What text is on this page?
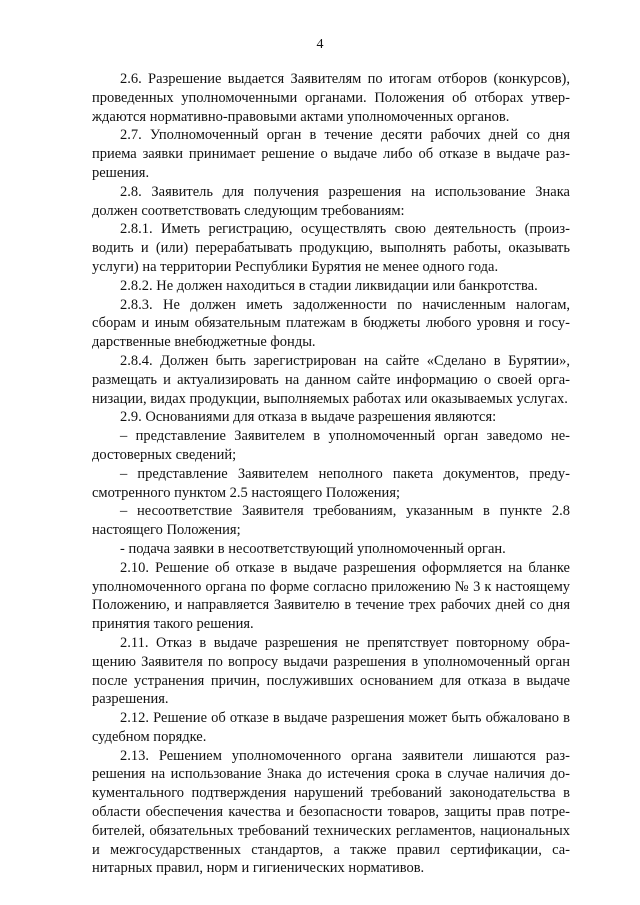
4

2.6. Разрешение выдается Заявителям по итогам отборов (конкурсов), проведенных уполномоченными органами. Положения об отборах утверждаются нормативно-правовыми актами уполномоченных органов.

2.7. Уполномоченный орган в течение десяти рабочих дней со дня приема заявки принимает решение о выдаче либо об отказе в выдаче разрешения.

2.8. Заявитель для получения разрешения на использование Знака должен соответствовать следующим требованиям:

2.8.1. Иметь регистрацию, осуществлять свою деятельность (производить и (или) перерабатывать продукцию, выполнять работы, оказывать услуги) на территории Республики Бурятия не менее одного года.

2.8.2. Не должен находиться в стадии ликвидации или банкротства.

2.8.3. Не должен иметь задолженности по начисленным налогам, сборам и иным обязательным платежам в бюджеты любого уровня и государственные внебюджетные фонды.

2.8.4. Должен быть зарегистрирован на сайте «Сделано в Бурятии», размещать и актуализировать на данном сайте информацию о своей организации, видах продукции, выполняемых работах или оказываемых услугах.

2.9. Основаниями для отказа в выдаче разрешения являются:

– представление Заявителем в уполномоченный орган заведомо недостоверных сведений;

– представление Заявителем неполного пакета документов, предусмотренного пунктом 2.5 настоящего Положения;

– несоответствие Заявителя требованиям, указанным в пункте 2.8 настоящего Положения;

- подача заявки в несоответствующий уполномоченный орган.

2.10. Решение об отказе в выдаче разрешения оформляется на бланке уполномоченного органа по форме согласно приложению № 3 к настоящему Положению, и направляется Заявителю в течение трех рабочих дней со дня принятия такого решения.

2.11. Отказ в выдаче разрешения не препятствует повторному обращению Заявителя по вопросу выдачи разрешения в уполномоченный орган после устранения причин, послуживших основанием для отказа в выдаче разрешения.

2.12. Решение об отказе в выдаче разрешения может быть обжаловано в судебном порядке.

2.13. Решением уполномоченного органа заявители лишаются разрешения на использование Знака до истечения срока в случае наличия документального подтверждения нарушений требований законодательства в области обеспечения качества и безопасности товаров, защиты прав потребителей, обязательных требований технических регламентов, национальных и межгосударственных стандартов, а также правил сертификации, санитарных правил, норм и гигиенических нормативов.
